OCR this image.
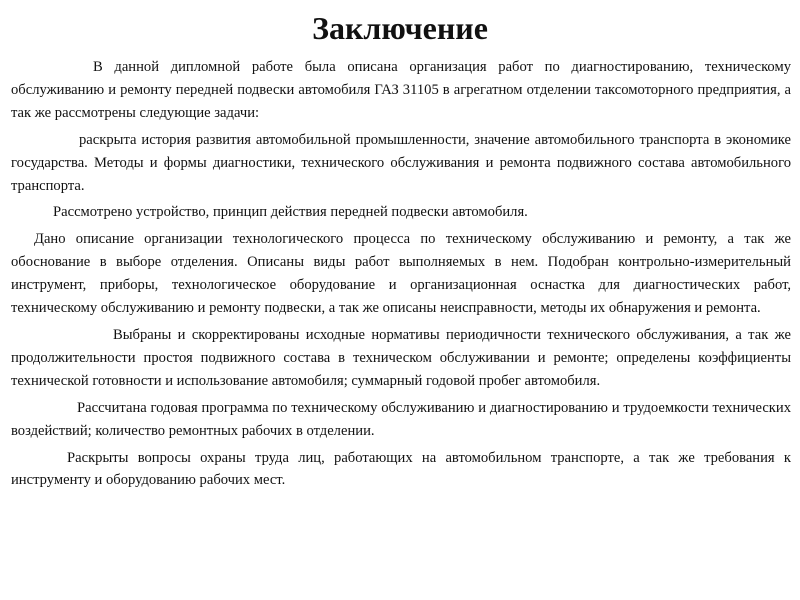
Заключение

В данной дипломной работе была описана организация работ по диагностированию, техническому обслуживанию и ремонту передней подвески автомобиля ГАЗ 31105 в агрегатном отделении таксомоторного предприятия, а так же рассмотрены следующие задачи:

раскрыта история развития автомобильной промышленности, значение автомобильного транспорта в экономике государства. Методы и формы диагностики, технического обслуживания и ремонта подвижного состава автомобильного транспорта.

Рассмотрено устройство, принцип действия передней подвески автомобиля.

Дано описание организации технологического процесса по техническому обслуживанию и ремонту, а так же обоснование в выборе отделения. Описаны виды работ выполняемых в нем. Подобран контрольно-измерительный инструмент, приборы, технологическое оборудование и организационная оснастка для диагностических работ, техническому обслуживанию и ремонту подвески, а так же описаны неисправности, методы их обнаружения и ремонта.

Выбраны и скорректированы исходные нормативы периодичности технического обслуживания, а так же продолжительности простоя подвижного состава в техническом обслуживании и ремонте; определены коэффициенты технической готовности и использование автомобиля; суммарный годовой пробег автомобиля.

Рассчитана годовая программа по техническому обслуживанию и диагностированию и трудоемкости технических воздействий; количество ремонтных рабочих в отделении.

Раскрыты вопросы охраны труда лиц, работающих на автомобильном транспорте, а так же требования к инструменту и оборудованию рабочих мест.
